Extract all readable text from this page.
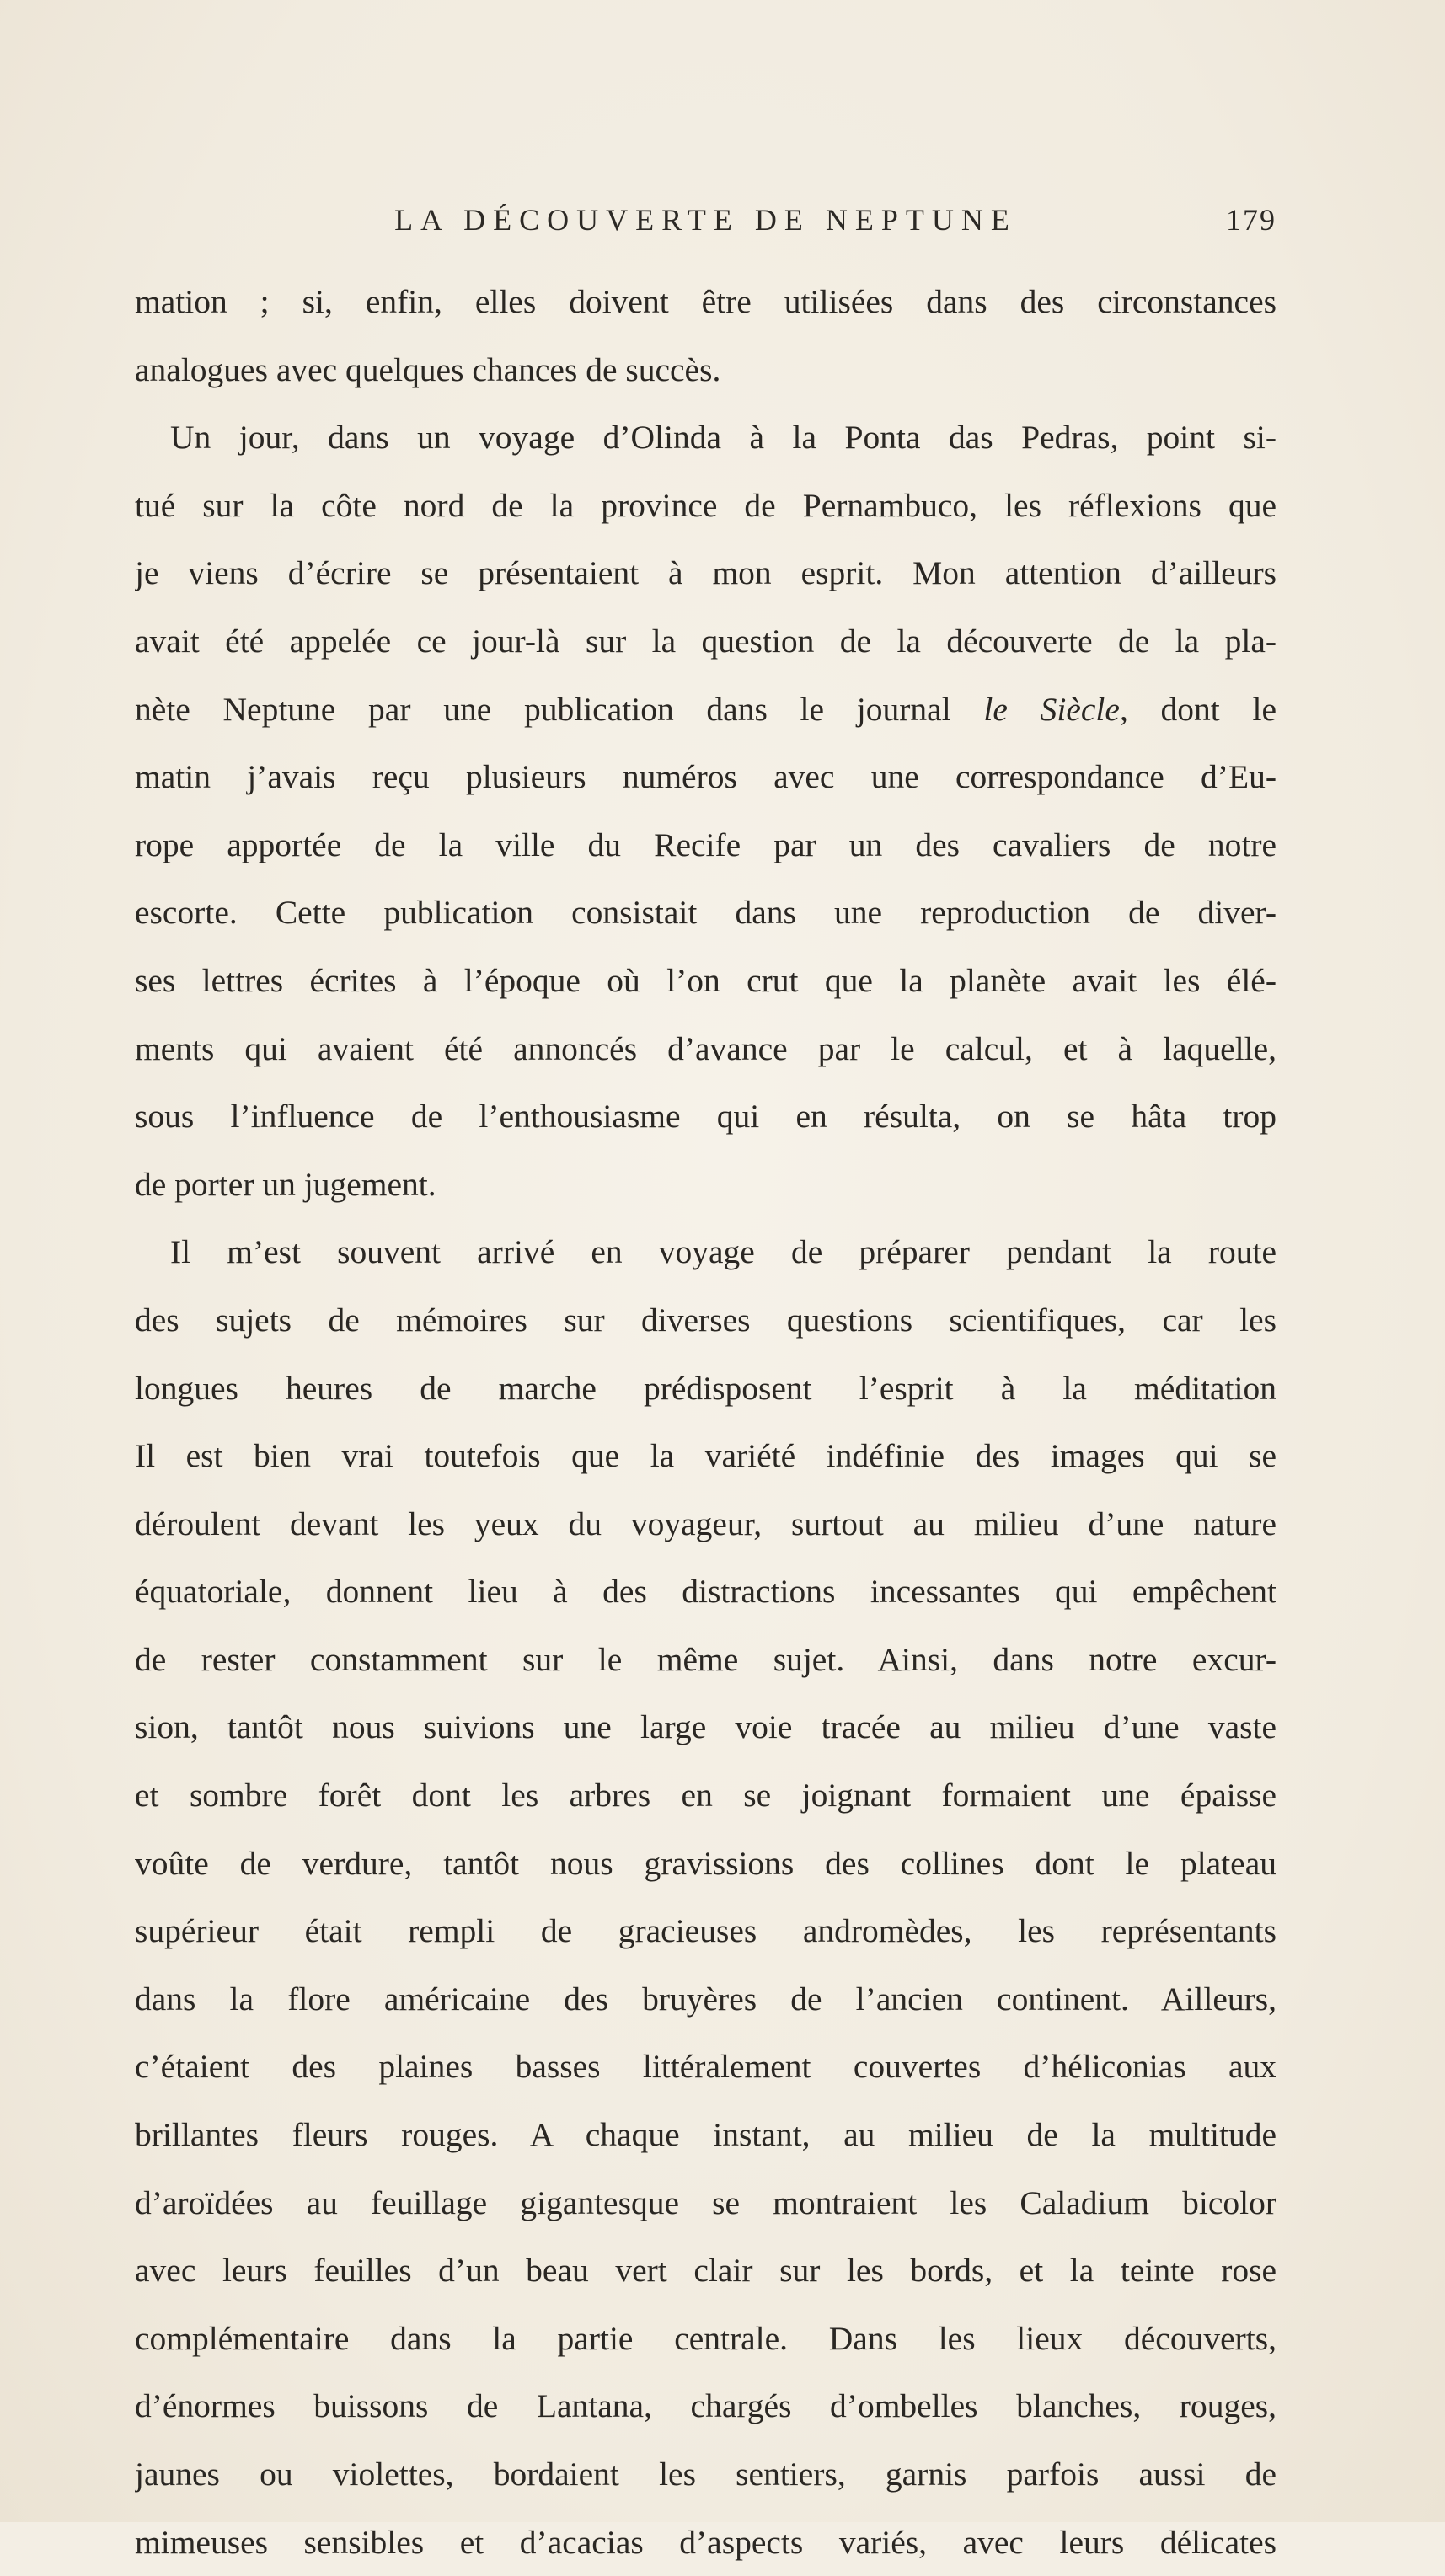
LA DÉCOUVERTE DE NEPTUNE	179
mation ; si, enfin, elles doivent être utilisées dans des circonstances
analogues avec quelques chances de succès.
Un jour, dans un voyage d’Olinda à la Ponta das Pedras, point si-
tué sur la côte nord de la province de Pernambuco, les réflexions que
je viens d’écrire se présentaient à mon esprit. Mon attention d’ailleurs
avait été appelée ce jour-là sur la question de la découverte de la pla-
nète Neptune par une publication dans le journal le Siècle, dont le
matin j’avais reçu plusieurs numéros avec une correspondance d’Eu-
rope apportée de la ville du Recife par un des cavaliers de notre
escorte. Cette publication consistait dans une reproduction de diver-
ses lettres écrites à l’époque où l’on crut que la planète avait les élé-
ments qui avaient été annoncés d’avance par le calcul, et à laquelle,
sous l’influence de l’enthousiasme qui en résulta, on se hâta trop
de porter un jugement.
Il m’est souvent arrivé en voyage de préparer pendant la route
des sujets de mémoires sur diverses questions scientifiques, car les
longues heures de marche prédisposent l’esprit à la méditation
Il est bien vrai toutefois que la variété indéfinie des images qui se
déroulent devant les yeux du voyageur, surtout au milieu d’une nature
équatoriale, donnent lieu à des distractions incessantes qui empêchent
de rester constamment sur le même sujet. Ainsi, dans notre excur-
sion, tantôt nous suivions une large voie tracée au milieu d’une vaste
et sombre forêt dont les arbres en se joignant formaient une épaisse
voûte de verdure, tantôt nous gravissions des collines dont le plateau
supérieur était rempli de gracieuses andromèdes, les représentants
dans la flore américaine des bruyères de l’ancien continent. Ailleurs,
c’étaient des plaines basses littéralement couvertes d’héliconias aux
brillantes fleurs rouges. A chaque instant, au milieu de la multitude
d’aroïdées au feuillage gigantesque se montraient les Caladium bicolor
avec leurs feuilles d’un beau vert clair sur les bords, et la teinte rose
complémentaire dans la partie centrale. Dans les lieux découverts,
d’énormes buissons de Lantana, chargés d’ombelles blanches, rouges,
jaunes ou violettes, bordaient les sentiers, garnis parfois aussi de
mimeuses sensibles et d’acacias d’aspects variés, avec leurs délicates
